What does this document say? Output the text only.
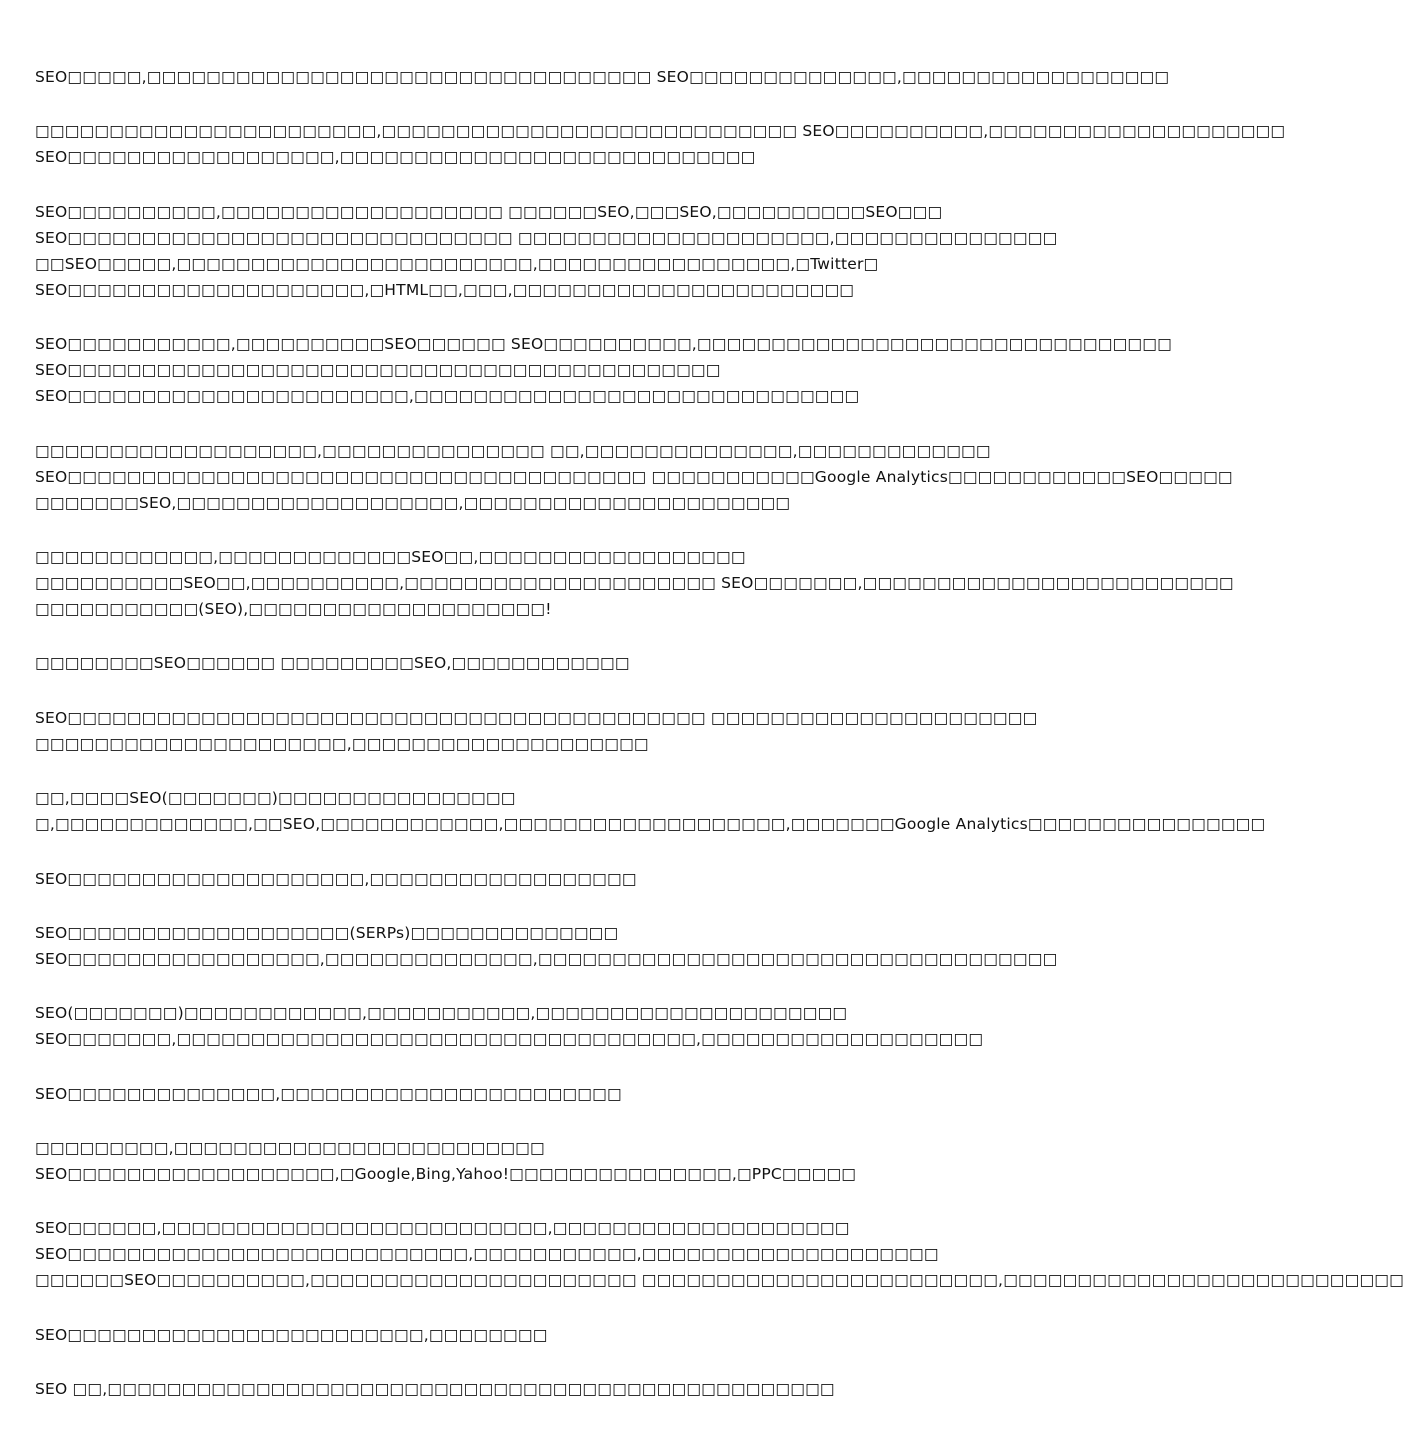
SEO□□□□□,□□□□□□□□□□□□□□□□□□□□□□□□□□□□□□□□□□ SEO□□□□□□□□□□□□□□,□□□□□□□□□□□□□□□□□□
□□□□□□□□□□□□□□□□□□□□□□□,□□□□□□□□□□□□□□□□□□□□□□□□□□□□ SEO□□□□□□□□□□,□□□□□□□□□□□□□□□□□□□□
SEO□□□□□□□□□□□□□□□□□□,□□□□□□□□□□□□□□□□□□□□□□□□□□□□
SEO□□□□□□□□□□,□□□□□□□□□□□□□□□□□□□ □□□□□□SEO,□□□SEO,□□□□□□□□□□SEO□□□
SEO□□□□□□□□□□□□□□□□□□□□□□□□□□□□□□ □□□□□□□□□□□□□□□□□□□□□,□□□□□□□□□□□□□□□
□□SEO□□□□□,□□□□□□□□□□□□□□□□□□□□□□□□,□□□□□□□□□□□□□□□□□,□Twitter□
SEO□□□□□□□□□□□□□□□□□□□□,□HTML□□,□□□,□□□□□□□□□□□□□□□□□□□□□□□
SEO□□□□□□□□□□□,□□□□□□□□□□SEO□□□□□□ SEO□□□□□□□□□□,□□□□□□□□□□□□□□□□□□□□□□□□□□□□□□□□
SEO□□□□□□□□□□□□□□□□□□□□□□□□□□□□□□□□□□□□□□□□□□□□
SEO□□□□□□□□□□□□□□□□□□□□□□□,□□□□□□□□□□□□□□□□□□□□□□□□□□□□□□
□□□□□□□□□□□□□□□□□□□,□□□□□□□□□□□□□□□ □□,□□□□□□□□□□□□□□,□□□□□□□□□□□□□
SEO□□□□□□□□□□□□□□□□□□□□□□□□□□□□□□□□□□□□□□□ □□□□□□□□□□□Google Analytics□□□□□□□□□□□□SEO□□□□□
□□□□□□□SEO,□□□□□□□□□□□□□□□□□□□,□□□□□□□□□□□□□□□□□□□□□□
□□□□□□□□□□□□,□□□□□□□□□□□□□SEO□□,□□□□□□□□□□□□□□□□□□
□□□□□□□□□□SEO□□,□□□□□□□□□□,□□□□□□□□□□□□□□□□□□□□□ SEO□□□□□□□,□□□□□□□□□□□□□□□□□□□□□□□□□
□□□□□□□□□□□(SEO),□□□□□□□□□□□□□□□□□□□□!
□□□□□□□□SEO□□□□□□ □□□□□□□□□SEO,□□□□□□□□□□□□
SEO□□□□□□□□□□□□□□□□□□□□□□□□□□□□□□□□□□□□□□□□□□□ □□□□□□□□□□□□□□□□□□□□□□
□□□□□□□□□□□□□□□□□□□□□,□□□□□□□□□□□□□□□□□□□□
□□,□□□□SEO(□□□□□□□)□□□□□□□□□□□□□□□□
□,□□□□□□□□□□□□□,□□SEO,□□□□□□□□□□□□,□□□□□□□□□□□□□□□□□□□,□□□□□□□Google Analytics□□□□□□□□□□□□□□□□
SEO□□□□□□□□□□□□□□□□□□□□,□□□□□□□□□□□□□□□□□□
SEO□□□□□□□□□□□□□□□□□□□(SERPs)□□□□□□□□□□□□□□
SEO□□□□□□□□□□□□□□□□□,□□□□□□□□□□□□□□,□□□□□□□□□□□□□□□□□□□□□□□□□□□□□□□□□□□
SEO(□□□□□□□)□□□□□□□□□□□□,□□□□□□□□□□□,□□□□□□□□□□□□□□□□□□□□□
SEO□□□□□□□,□□□□□□□□□□□□□□□□□□□□□□□□□□□□□□□□□□□,□□□□□□□□□□□□□□□□□□□
SEO□□□□□□□□□□□□□□,□□□□□□□□□□□□□□□□□□□□□□□
□□□□□□□□□,□□□□□□□□□□□□□□□□□□□□□□□□□
SEO□□□□□□□□□□□□□□□□□□,□Google,Bing,Yahoo!□□□□□□□□□□□□□□□,□PPC□□□□□
SEO□□□□□□,□□□□□□□□□□□□□□□□□□□□□□□□□□,□□□□□□□□□□□□□□□□□□□□
SEO□□□□□□□□□□□□□□□□□□□□□□□□□□□,□□□□□□□□□□□,□□□□□□□□□□□□□□□□□□□□
□□□□□□SEO□□□□□□□□□□,□□□□□□□□□□□□□□□□□□□□□□ □□□□□□□□□□□□□□□□□□□□□□□□,□□□□□□□□□□□□□□□□□□□□□□□□□□□
SEO□□□□□□□□□□□□□□□□□□□□□□□□,□□□□□□□□
SEO □□,□□□□□□□□□□□□□□□□□□□□□□□□□□□□□□□□□□□□□□□□□□□□□□□□□
